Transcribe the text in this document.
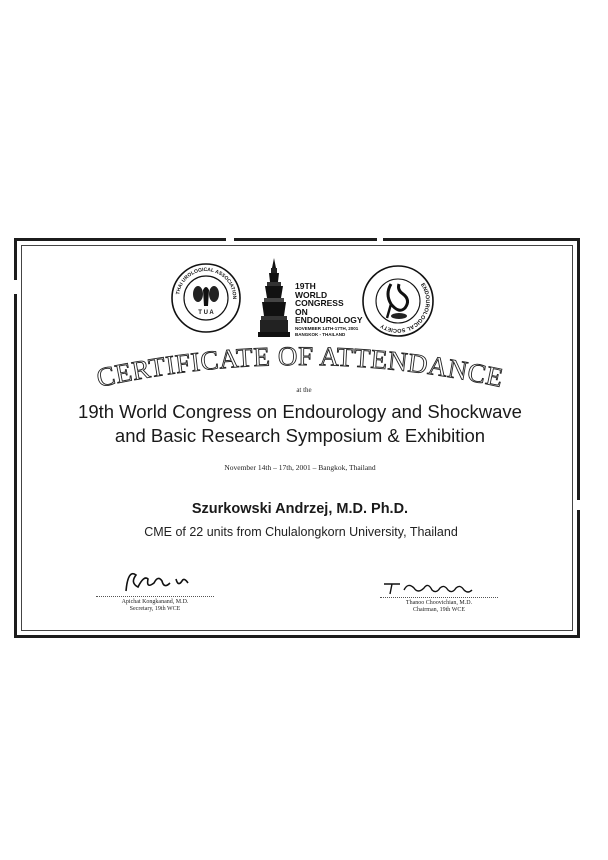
THAI UROLOGICAL ASSOCIATION
T U A
19TH
WORLD
CONGRESS
ON
ENDOUROLOGY
NOVEMBER 14TH-17TH, 2001
BANGKOK - THAILAND
ENDOUROLOGICAL SOCIETY
CERTIFICATE OF ATTENDANCE
at the
19th World Congress on Endourology and Shockwave
and Basic Research Symposium & Exhibition
November 14th – 17th, 2001 – Bangkok, Thailand
Szurkowski Andrzej, M.D. Ph.D.
CME of 22 units from Chulalongkorn University, Thailand
Apichat Kongkanand, M.D.
Secretary, 19th WCE
Thanoo Choovichian, M.D.
Chairman, 19th WCE
